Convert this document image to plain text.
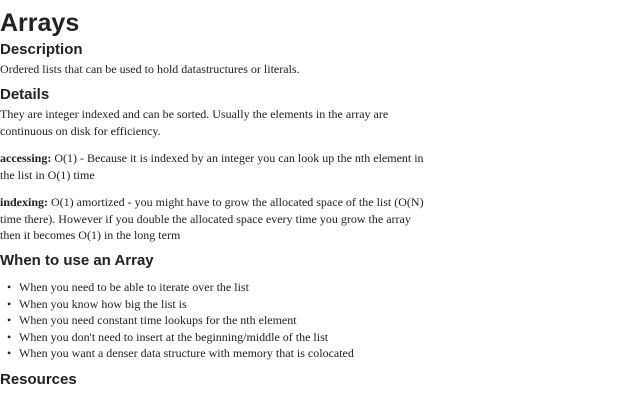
Arrays
Description

Ordered lists that can be used to hold datastructures or literals.

Details

They are integer indexed and can be sorted. Usually the elements in the array are continuous on disk for efficiency.

accessing: O(1) - Because it is indexed by an integer you can look up the nth element in the list in O(1) time

indexing: O(1) amortized - you might have to grow the allocated space of the list (O(N) time there). However if you double the allocated space every time you grow the array then it becomes O(1) in the long term

When to use an Array
• When you need to be able to iterate over the list
• When you know how big the list is
• When you need constant time lookups for the nth element
• When you don't need to insert at the beginning/middle of the list
• When you want a denser data structure with memory that is colocated
Resources
